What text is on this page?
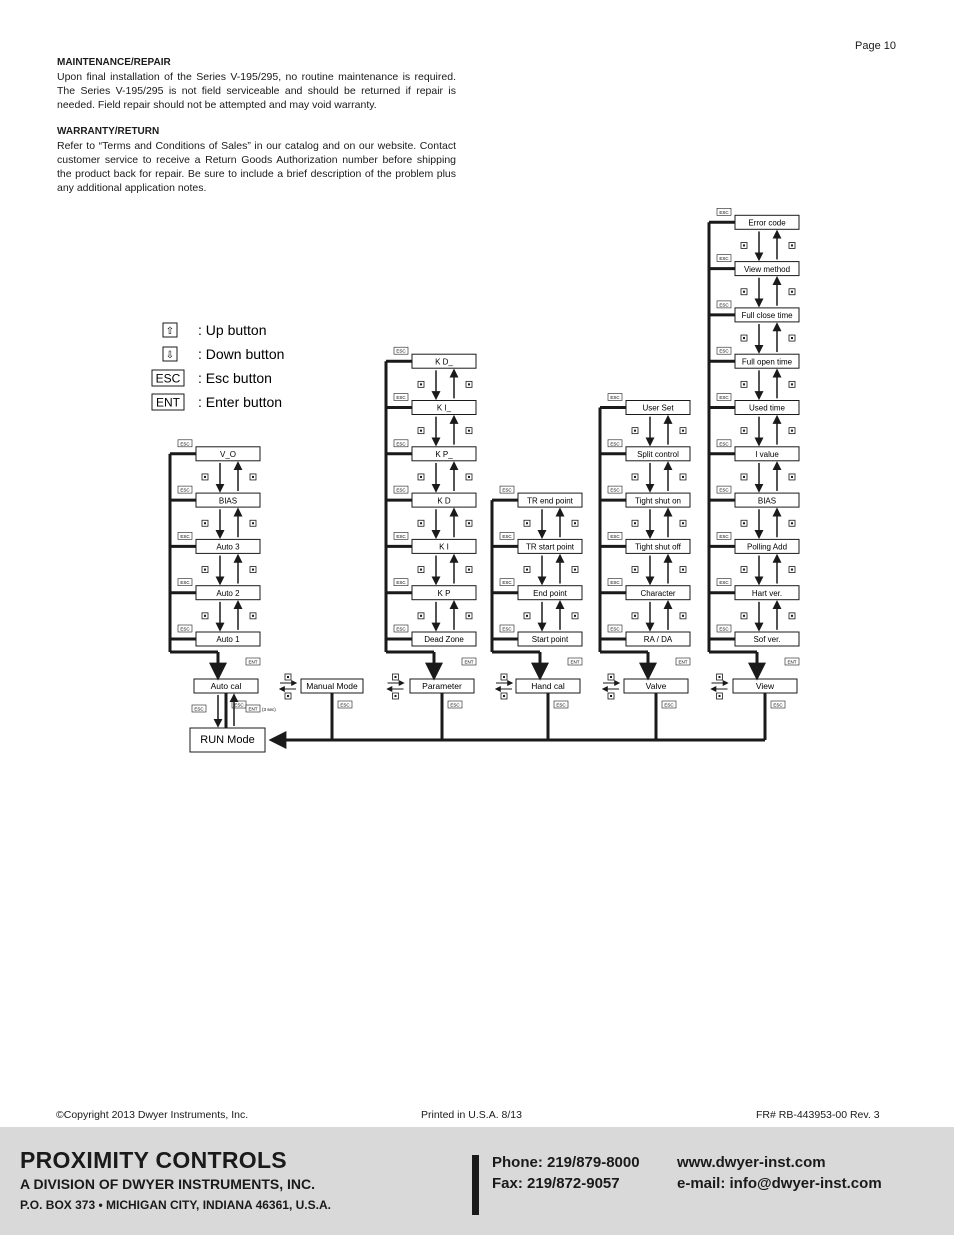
Page 10
MAINTENANCE/REPAIR

Upon final installation of the Series V-195/295, no routine maintenance is required. The Series V-195/295 is not field serviceable and should be returned if repair is needed. Field repair should not be attempted and may void warranty.

WARRANTY/RETURN

Refer to “Terms and Conditions of Sales” in our catalog and on our website. Contact customer service to receive a Return Goods Authorization number before shipping the product back for repair. Be sure to include a brief description of the problem plus any additional application notes.

⇧ : Up button
⇩ : Down button
ESC : Esc button
ENT : Enter button
Auto cal
ESC
ENT
Auto 1
ESC
Auto 2
ESC
Auto 3
ESC
BIAS
ESC
V_O
ESC
Manual Mode
ESC
Parameter
ESC
ENT
Dead Zone
ESC
K P
ESC
K I
ESC
K D
ESC
K P_
ESC
K I_
ESC
K D_
ESC
Hand cal
ESC
ENT
Start point
ESC
End point
ESC
TR start point
ESC
TR end point
ESC
Valve
ESC
ENT
RA / DA
ESC
Character
ESC
Tight shut off
ESC
Tight shut on
ESC
Split control
ESC
User Set
ESC
View
ESC
ENT
Sof ver.
ESC
Hart ver.
ESC
Polling Add
ESC
BIAS
ESC
I value
ESC
Used time
ESC
Full open time
ESC
Full close time
ESC
View method
ESC
Error code
ESC
ESC	ENT (3 sec)
RUN Mode
©Copyright 2013 Dwyer Instruments, Inc.	Printed in U.S.A. 8/13	FR# RB-443953-00 Rev. 3
PROXIMITY CONTROLS
A DIVISION OF DWYER INSTRUMENTS, INC.
P.O. BOX 373 • MICHIGAN CITY, INDIANA 46361, U.S.A.
Phone: 219/879-8000
Fax: 219/872-9057
www.dwyer-inst.com
e-mail: info@dwyer-inst.com
